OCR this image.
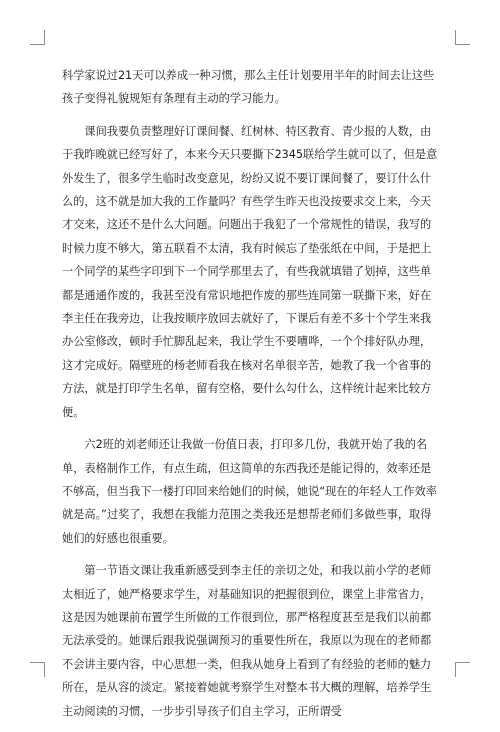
科学家说过21天可以养成一种习惯，那么主任计划要用半年的时间去让这些孩子变得礼貌规矩有条理有主动的学习能力。

课间我要负责整理好订课间餐、红树林、特区教育、青少报的人数，由于我昨晚就已经写好了，本来今天只要撕下2345联给学生就可以了，但是意外发生了，很多学生临时改变意见，纷纷又说不要订课间餐了，要订什么什么的，这不就是加大我的工作量吗？有些学生昨天也没按要求交上来，今天才交来，这还不是什么大问题。问题出于我犯了一个常规性的错误，我写的时候力度不够大，第五联看不太清，我有时候忘了垫张纸在中间，于是把上一个同学的某些字印到下一个同学那里去了，有些我就填错了划掉，这些单都是通通作废的，我甚至没有常识地把作废的那些连同第一联撕下来，好在李主任在我旁边，让我按顺序放回去就好了，下课后有差不多十个学生来我办公室修改，顿时手忙脚乱起来，我让学生不要嘈哗，一个个排好队办理，这才完成好。隔壁班的杨老师看我在核对名单很辛苦，她教了我一个省事的方法，就是打印学生名单，留有空格，要什么勾什么，这样统计起来比较方便。

六2班的刘老师还让我做一份值日表，打印多几份，我就开始了我的名单，表格制作工作，有点生疏，但这简单的东西我还是能记得的，效率还是不够高，但当我下一楼打印回来给她们的时候，她说“现在的年轻人工作效率就是高。”过奖了，我想在我能力范围之类我还是想帮老师们多做些事，取得她们的好感也很重要。

第一节语文课让我重新感受到李主任的亲切之处，和我以前小学的老师太相近了，她严格要求学生，对基础知识的把握很到位，课堂上非常省力，这是因为她课前布置学生所做的工作很到位，那严格程度甚至是我们以前都无法承受的。她课后跟我说强调预习的重要性所在，我原以为现在的老师都不会讲主要内容，中心思想一类，但我从她身上看到了有经验的老师的魅力所在，是从容的淡定。紧接着她就考察学生对整本书大概的理解，培养学生主动阅读的习惯，一步步引导孩子们自主学习，正所谓受
